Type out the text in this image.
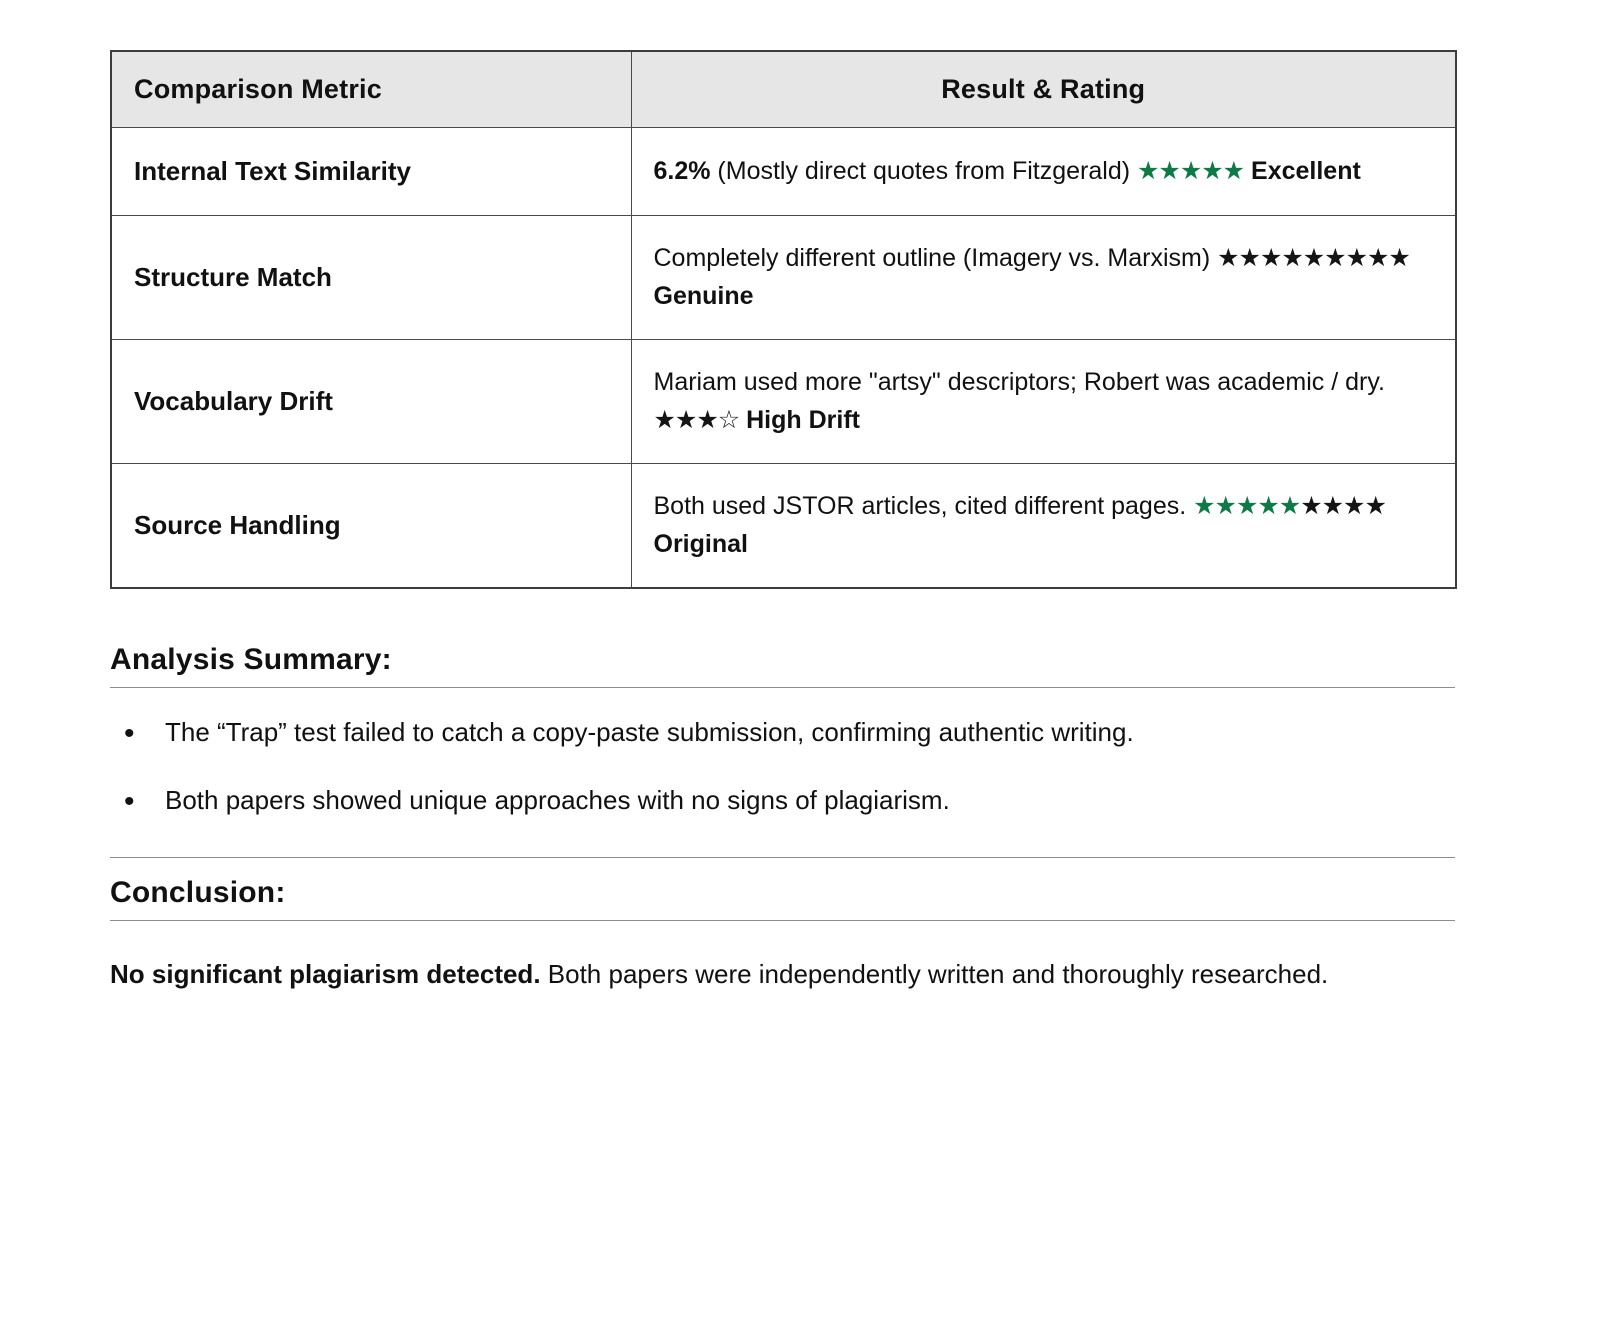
Comparison Metric	Result & Rating
Internal Text Similarity	6.2% (Mostly direct quotes from Fitzgerald) ★★★★★ Excellent
Structure Match	Completely different outline (Imagery vs. Marxism) ★★★★★★★★★ Genuine
Vocabulary Drift	Mariam used more "artsy" descriptors; Robert was academic / dry. ★★★☆ High Drift
Source Handling	Both used JSTOR articles, cited different pages. ★★★★★★★★★ Original
Analysis Summary:
• The “Trap” test failed to catch a copy-paste submission, confirming authentic writing.
• Both papers showed unique approaches with no signs of plagiarism.
Conclusion:
No significant plagiarism detected. Both papers were independently written and thoroughly researched.
